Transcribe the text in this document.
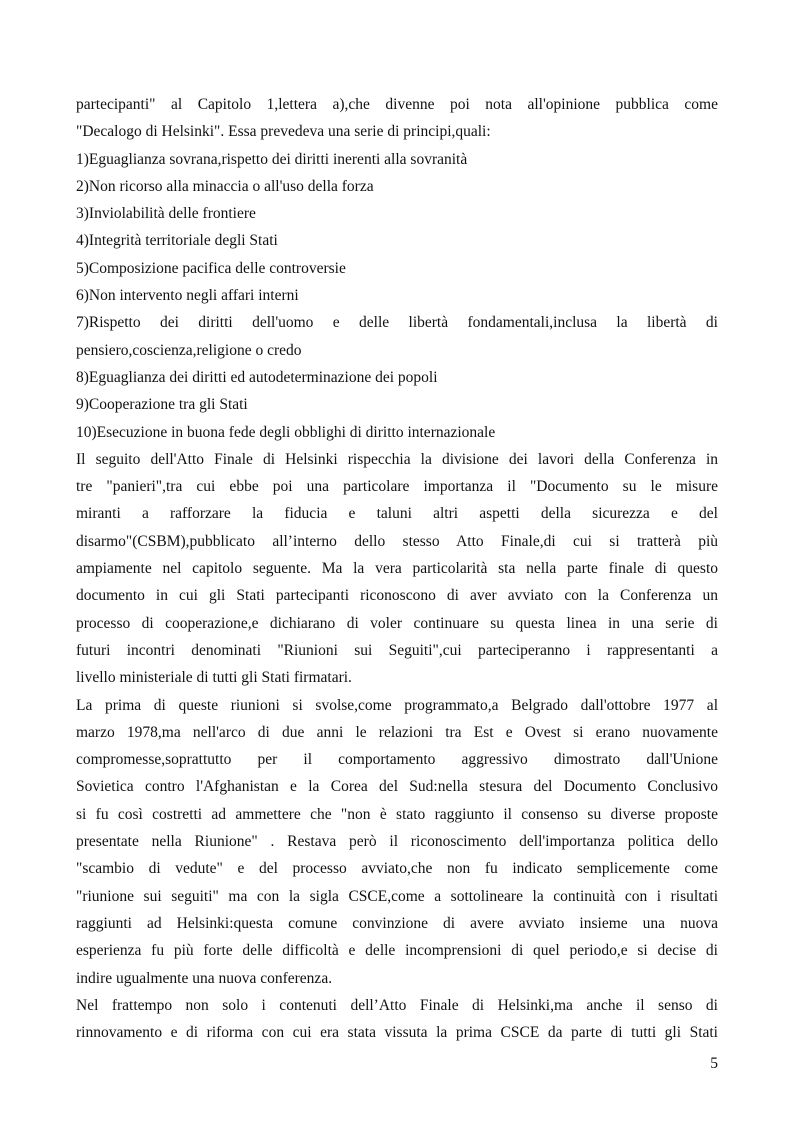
partecipanti" al Capitolo 1,lettera a),che divenne poi nota all'opinione pubblica come
"Decalogo di Helsinki". Essa prevedeva una serie di principi,quali:
1)Eguaglianza sovrana,rispetto dei diritti inerenti alla sovranità
2)Non ricorso alla minaccia o all'uso della forza
3)Inviolabilità delle frontiere
4)Integrità territoriale degli Stati
5)Composizione pacifica delle controversie
6)Non intervento negli affari interni
7)Rispetto dei diritti dell'uomo e delle libertà fondamentali,inclusa la libertà di
pensiero,coscienza,religione o credo
8)Eguaglianza dei diritti ed autodeterminazione dei popoli
9)Cooperazione tra gli Stati
10)Esecuzione in buona fede degli obblighi di diritto internazionale
Il seguito dell'Atto Finale di Helsinki rispecchia la divisione dei lavori della Conferenza in
tre "panieri",tra cui ebbe poi una particolare importanza il "Documento su le misure
miranti a rafforzare la fiducia e taluni altri aspetti della sicurezza e del
disarmo"(CSBM),pubblicato all’interno dello stesso Atto Finale,di cui si tratterà più
ampiamente nel capitolo seguente. Ma la vera particolarità sta nella parte finale di questo
documento in cui gli Stati partecipanti riconoscono di aver avviato con la Conferenza un
processo di cooperazione,e dichiarano di voler continuare su questa linea in una serie di
futuri incontri denominati "Riunioni sui Seguiti",cui parteciperanno i rappresentanti a
livello ministeriale di tutti gli Stati firmatari.
La prima di queste riunioni si svolse,come programmato,a Belgrado dall'ottobre 1977 al
marzo 1978,ma nell'arco di due anni le relazioni tra Est e Ovest si erano nuovamente
compromesse,soprattutto per il comportamento aggressivo dimostrato dall'Unione
Sovietica contro l'Afghanistan e la Corea del Sud:nella stesura del Documento Conclusivo
si fu così costretti ad ammettere che "non è stato raggiunto il consenso su diverse proposte
presentate nella Riunione" . Restava però il riconoscimento dell'importanza politica dello
"scambio di vedute" e del processo avviato,che non fu indicato semplicemente come
"riunione sui seguiti" ma con la sigla CSCE,come a sottolineare la continuità con i risultati
raggiunti ad Helsinki:questa comune convinzione di avere avviato insieme una nuova
esperienza fu più forte delle difficoltà e delle incomprensioni di quel periodo,e si decise di
indire ugualmente una nuova conferenza.
Nel frattempo non solo i contenuti dell’Atto Finale di Helsinki,ma anche il senso di
rinnovamento e di riforma con cui era stata vissuta la prima CSCE da parte di tutti gli Stati
5
